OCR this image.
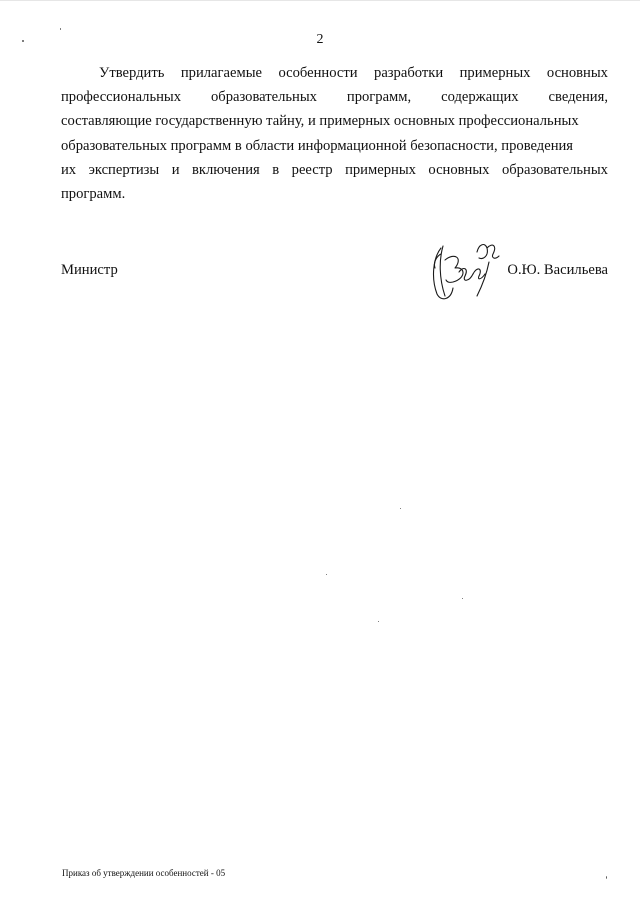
2
Утвердить прилагаемые особенности разработки примерных основных
профессиональных образовательных программ, содержащих сведения,
составляющие государственную тайну, и примерных основных профессиональных
образовательных программ в области информационной безопасности, проведения
их экспертизы и включения в реестр примерных основных образовательных
программ.
Министр	О.Ю. Васильева
Приказ об утверждении особенностей - 05
